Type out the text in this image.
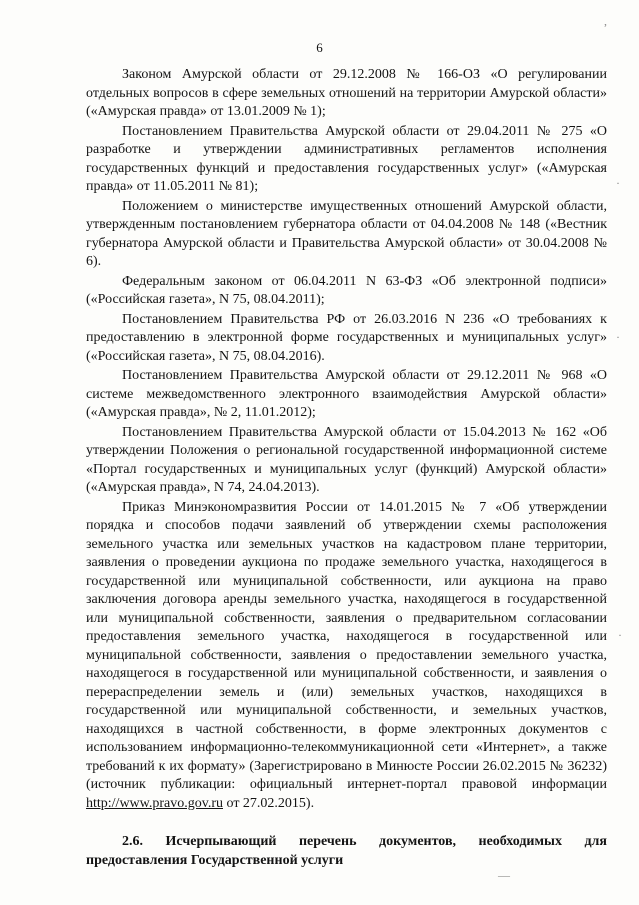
6

Законом Амурской области от 29.12.2008 № 166-ОЗ «О регулировании отдельных вопросов в сфере земельных отношений на территории Амурской области» («Амурская правда» от 13.01.2009 № 1);

Постановлением Правительства Амурской области от 29.04.2011 № 275 «О разработке и утверждении административных регламентов исполнения государственных функций и предоставления государственных услуг» («Амурская правда» от 11.05.2011 № 81);

Положением о министерстве имущественных отношений Амурской области, утвержденным постановлением губернатора области от 04.04.2008 № 148 («Вестник губернатора Амурской области и Правительства Амурской области» от 30.04.2008 № 6).

Федеральным законом от 06.04.2011 N 63-ФЗ «Об электронной подписи» («Российская газета», N 75, 08.04.2011);

Постановлением Правительства РФ от 26.03.2016 N 236 «О требованиях к предоставлению в электронной форме государственных и муниципальных услуг» («Российская газета», N 75, 08.04.2016).

Постановлением Правительства Амурской области от 29.12.2011 № 968 «О системе межведомственного электронного взаимодействия Амурской области» («Амурская правда», № 2, 11.01.2012);

Постановлением Правительства Амурской области от 15.04.2013 № 162 «Об утверждении Положения о региональной государственной информационной системе «Портал государственных и муниципальных услуг (функций) Амурской области» («Амурская правда», N 74, 24.04.2013).

Приказ Минэкономразвития России от 14.01.2015 № 7 «Об утверждении порядка и способов подачи заявлений об утверждении схемы расположения земельного участка или земельных участков на кадастровом плане территории, заявления о проведении аукциона по продаже земельного участка, находящегося в государственной или муниципальной собственности, или аукциона на право заключения договора аренды земельного участка, находящегося в государственной или муниципальной собственности, заявления о предварительном согласовании предоставления земельного участка, находящегося в государственной или муниципальной собственности, заявления о предоставлении земельного участка, находящегося в государственной или муниципальной собственности, и заявления о перераспределении земель и (или) земельных участков, находящихся в государственной или муниципальной собственности, и земельных участков, находящихся в частной собственности, в форме электронных документов с использованием информационно-телекоммуникационной сети «Интернет», а также требований к их формату» (Зарегистрировано в Минюсте России 26.02.2015 № 36232) (источник публикации: официальный интернет-портал правовой информации http://www.pravo.gov.ru от 27.02.2015).

2.6. Исчерпывающий перечень документов, необходимых для предоставления Государственной услуги

,
·
·
·
—
